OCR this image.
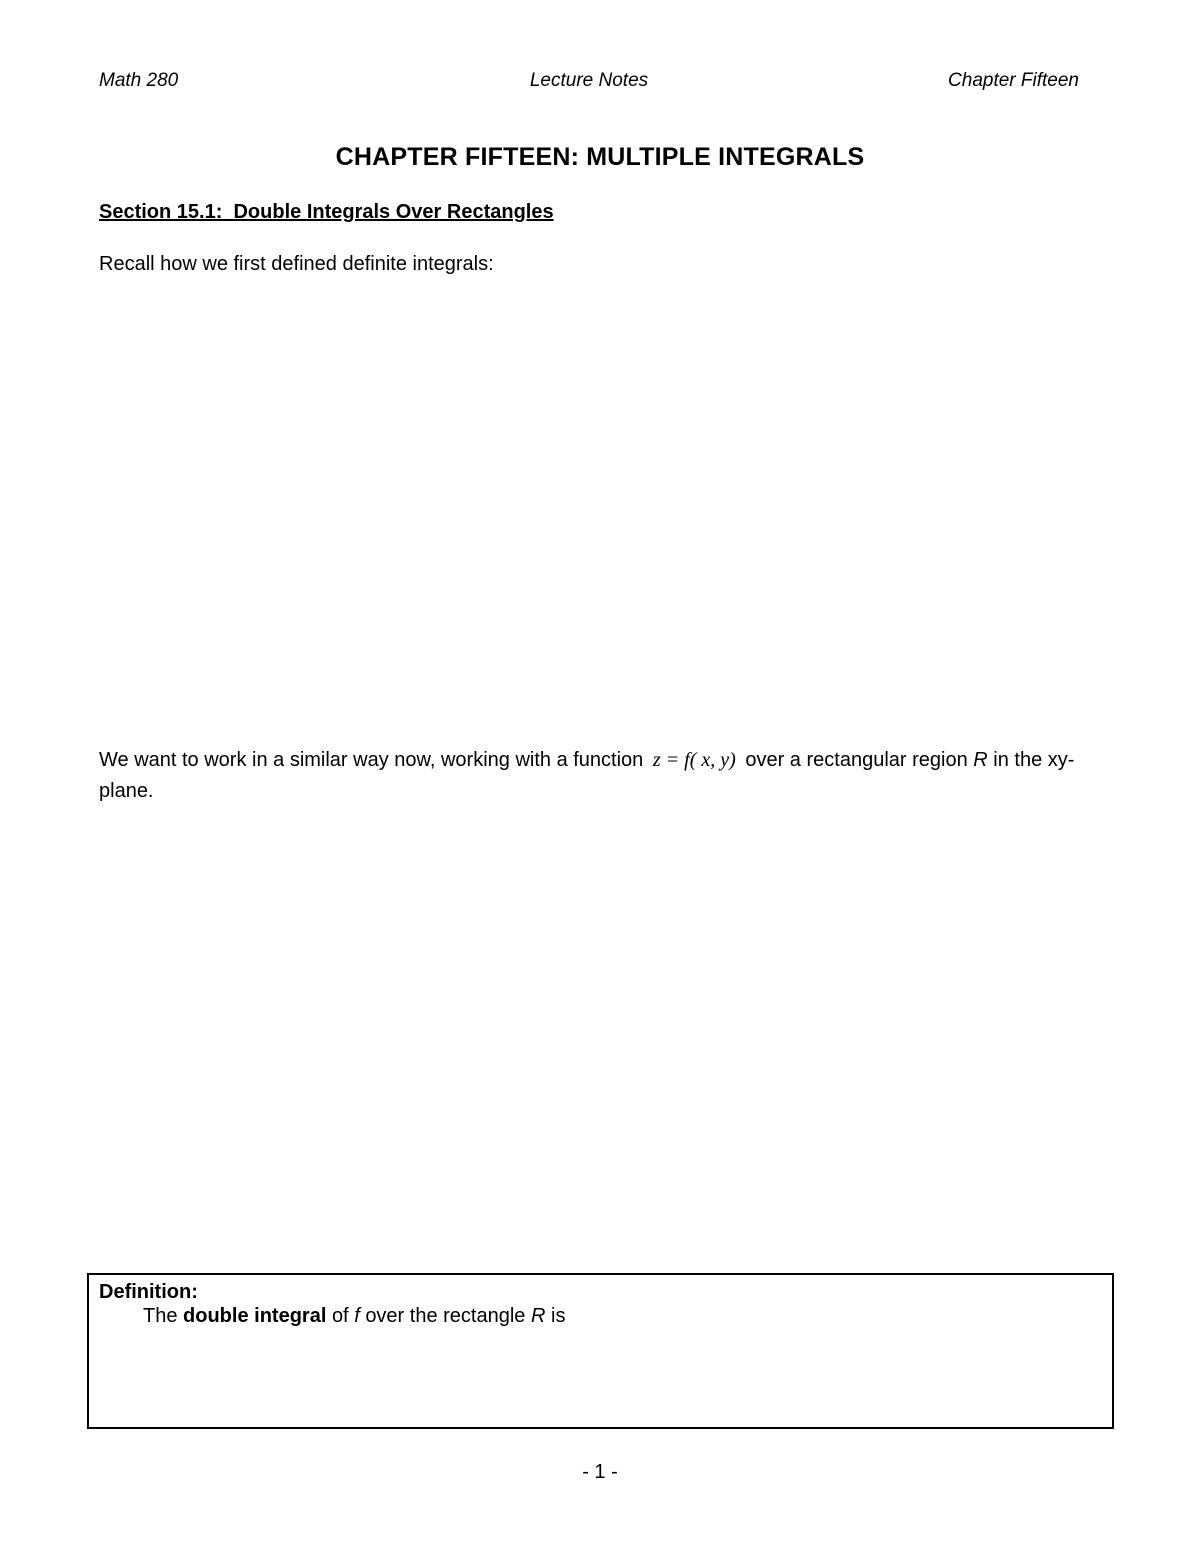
Math 280	Lecture Notes	Chapter Fifteen
CHAPTER FIFTEEN: MULTIPLE INTEGRALS
Section 15.1:  Double Integrals Over Rectangles
Recall how we first defined definite integrals:
We want to work in a similar way now, working with a function z = f( x, y) over a rectangular region R in the xy-plane.
Definition:
The double integral of f over the rectangle R is
- 1 -
